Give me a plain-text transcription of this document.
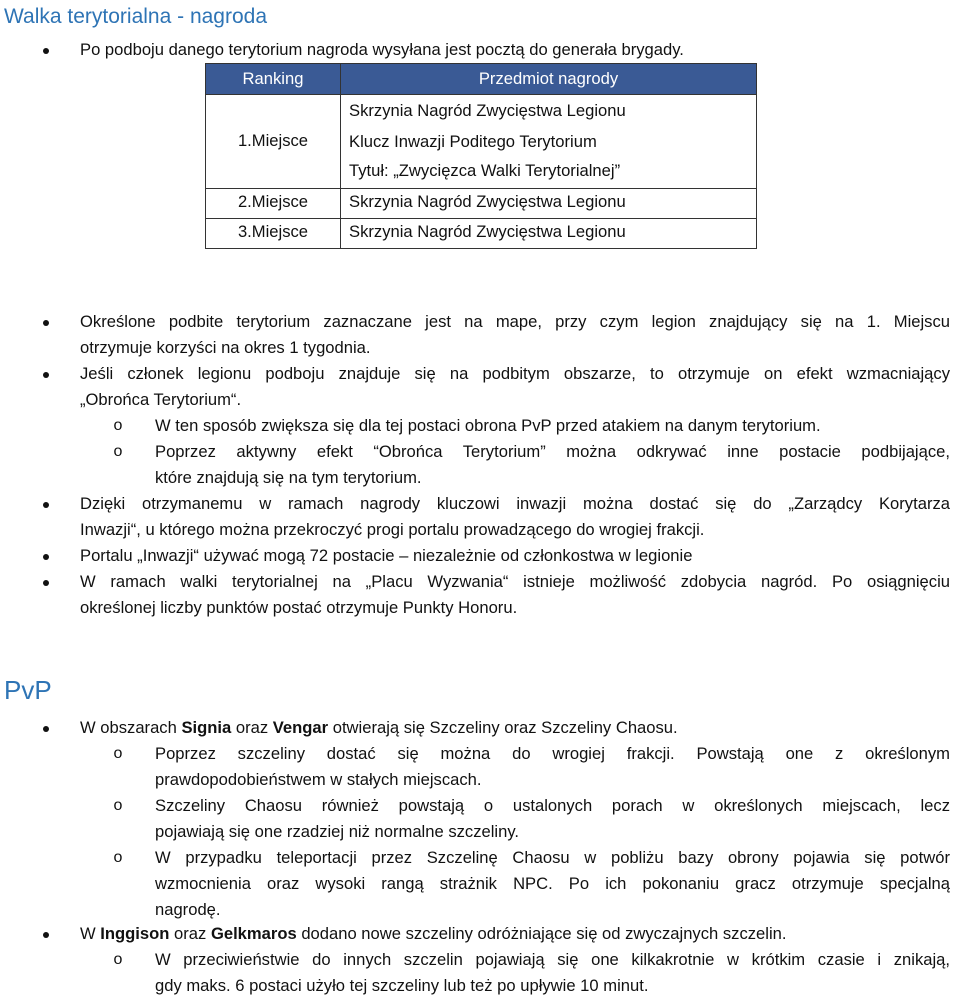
Walka terytorialna - nagroda
Po podboju danego terytorium nagroda wysyłana jest pocztą do generała brygady.
Ranking	Przedmiot nagrody
1.Miejsce	Skrzynia Nagród Zwycięstwa Legionu
Klucz Inwazji Poditego Terytorium
Tytuł: „Zwycięzca Walki Terytorialnej”

2.Miejsce	Skrzynia Nagród Zwycięstwa Legionu
3.Miejsce	Skrzynia Nagród Zwycięstwa Legionu
Określone podbite terytorium zaznaczane jest na mape, przy czym legion znajdujący się na 1. Miejscu
otrzymuje korzyści na okres 1 tygodnia.
Jeśli członek legionu podboju znajduje się na podbitym obszarze, to otrzymuje on efekt wzmacniający
„Obrońca Terytorium“.
o W ten sposób zwiększa się dla tej postaci obrona PvP przed atakiem na danym terytorium.
o Poprzez aktywny efekt “Obrońca Terytorium” można odkrywać inne postacie podbijające,
które znajdują się na tym terytorium.
Dzięki otrzymanemu w ramach nagrody kluczowi inwazji można dostać się do „Zarządcy Korytarza
Inwazji“, u którego można przekroczyć progi portalu prowadzącego do wrogiej frakcji.
Portalu „Inwazji“ używać mogą 72 postacie – niezależnie od członkostwa w legionie
W ramach walki terytorialnej na „Placu Wyzwania“ istnieje możliwość zdobycia nagród. Po osiągnięciu
określonej liczby punktów postać otrzymuje Punkty Honoru.
PvP
W obszarach Signia oraz Vengar otwierają się Szczeliny oraz Szczeliny Chaosu.
o Poprzez szczeliny dostać się można do wrogiej frakcji. Powstają one z określonym
prawdopodobieństwem w stałych miejscach.
o Szczeliny Chaosu również powstają o ustalonych porach w określonych miejscach, lecz
pojawiają się one rzadziej niż normalne szczeliny.
o W przypadku teleportacji przez Szczelinę Chaosu w pobliżu bazy obrony pojawia się potwór
wzmocnienia oraz wysoki rangą strażnik NPC. Po ich pokonaniu gracz otrzymuje specjalną
nagrodę.
W Inggison oraz Gelkmaros dodano nowe szczeliny odróżniające się od zwyczajnych szczelin.
o W przeciwieństwie do innych szczelin pojawiają się one kilkakrotnie w krótkim czasie i znikają,
gdy maks. 6 postaci użyło tej szczeliny lub też po upływie 10 minut.
